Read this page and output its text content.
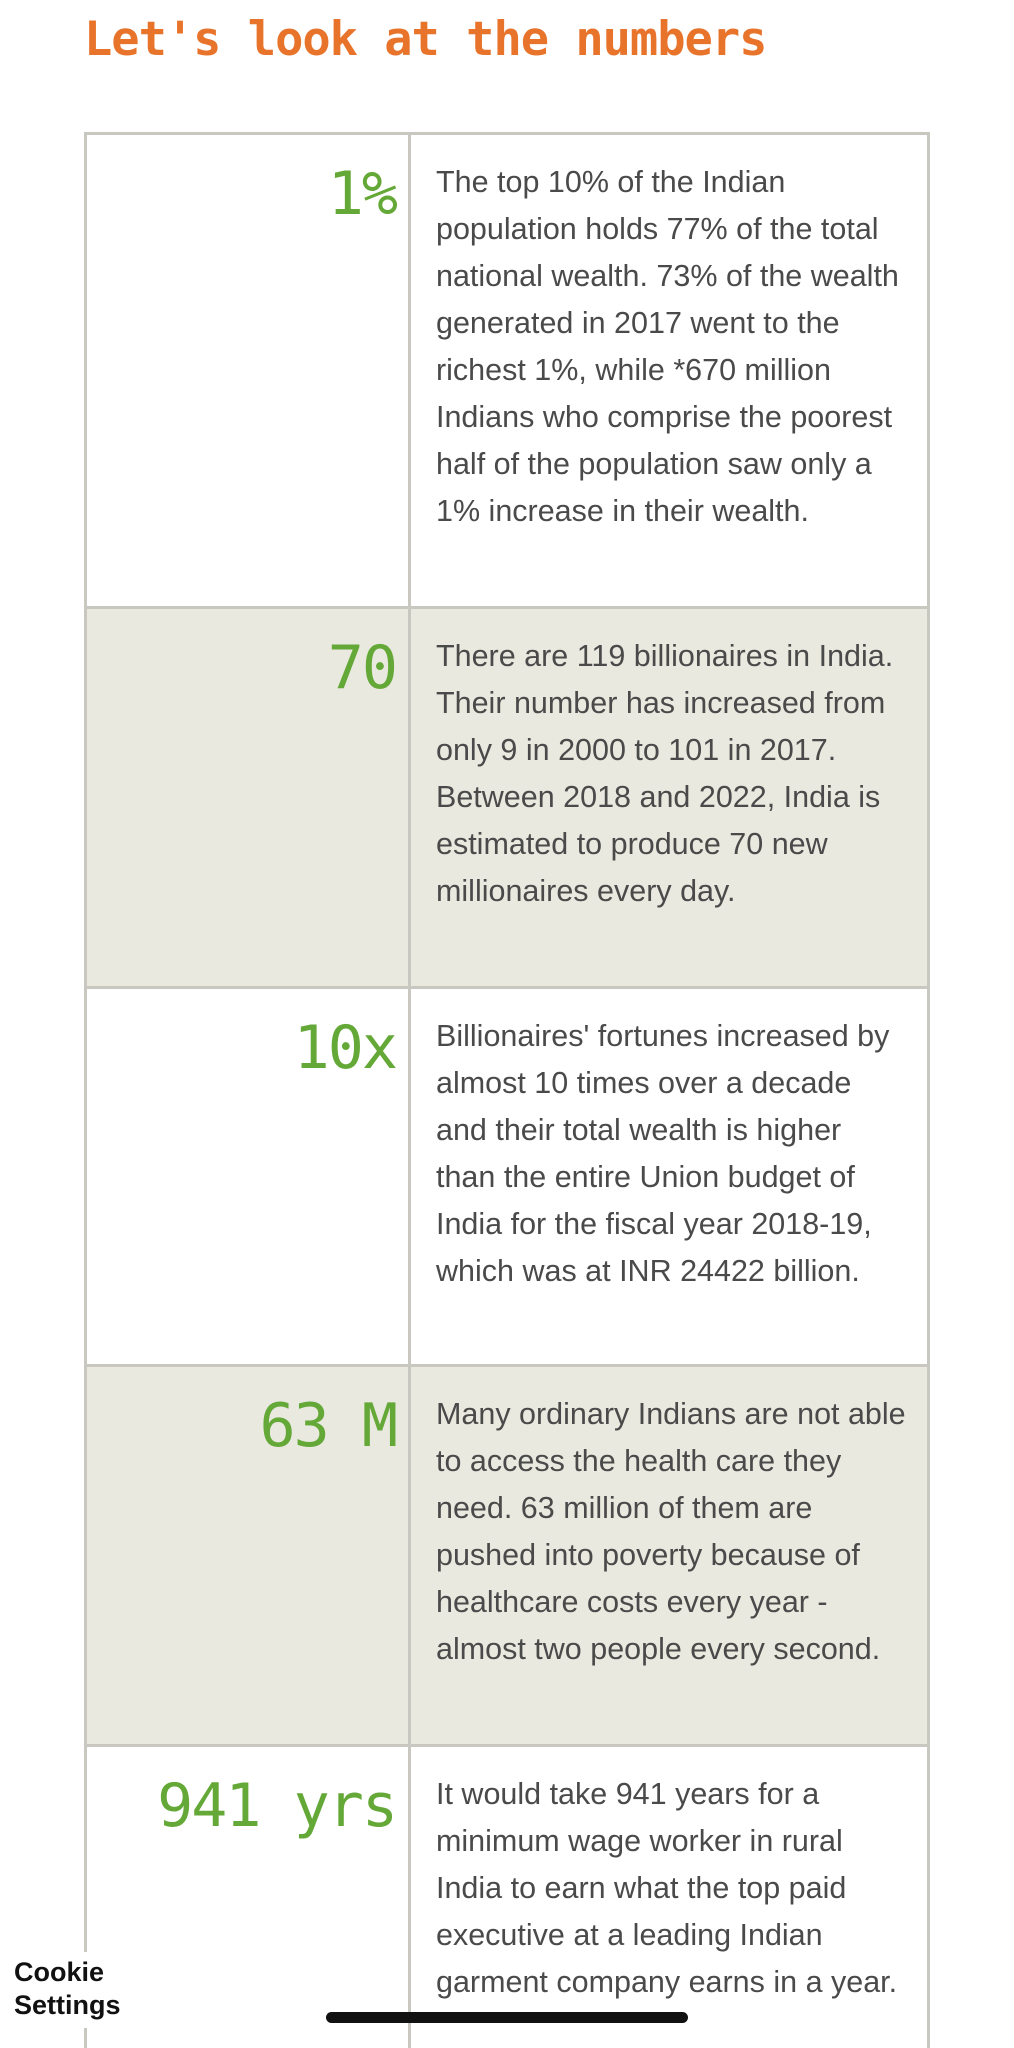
Let's look at the numbers
1% The top 10% of the Indian population holds 77% of the total national wealth. 73% of the wealth generated in 2017 went to the richest 1%, while *670 million Indians who comprise the poorest half of the population saw only a 1% increase in their wealth.
70 There are 119 billionaires in India. Their number has increased from only 9 in 2000 to 101 in 2017. Between 2018 and 2022, India is estimated to produce 70 new millionaires every day.
10x Billionaires' fortunes increased by almost 10 times over a decade and their total wealth is higher than the entire Union budget of India for the fiscal year 2018-19, which was at INR 24422 billion.
63 M Many ordinary Indians are not able to access the health care they need. 63 million of them are pushed into poverty because of healthcare costs every year - almost two people every second.
941 yrs It would take 941 years for a minimum wage worker in rural India to earn what the top paid executive at a leading Indian garment company earns in a year.
Cookie Settings
